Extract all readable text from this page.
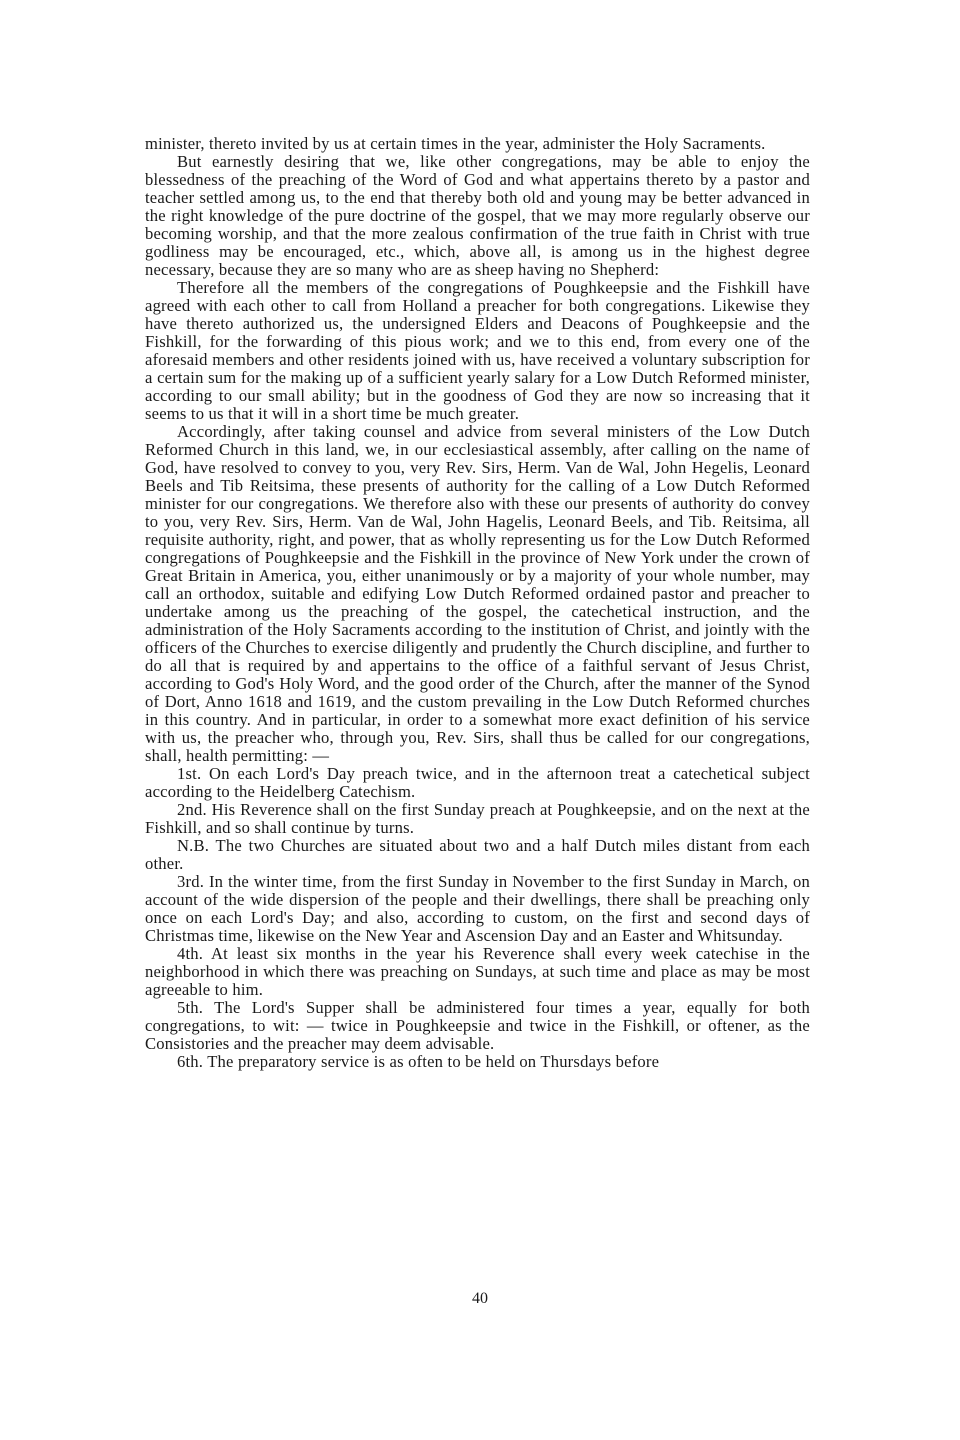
minister, thereto invited by us at certain times in the year, administer the Holy Sacraments.

But earnestly desiring that we, like other congregations, may be able to enjoy the blessedness of the preaching of the Word of God and what appertains thereto by a pastor and teacher settled among us, to the end that thereby both old and young may be better advanced in the right knowledge of the pure doctrine of the gospel, that we may more regularly observe our becoming worship, and that the more zealous confirmation of the true faith in Christ with true godliness may be encouraged, etc., which, above all, is among us in the highest degree necessary, because they are so many who are as sheep having no Shepherd:

Therefore all the members of the congregations of Poughkeepsie and the Fishkill have agreed with each other to call from Holland a preacher for both congregations. Likewise they have thereto authorized us, the undersigned Elders and Deacons of Poughkeepsie and the Fishkill, for the forwarding of this pious work; and we to this end, from every one of the aforesaid members and other residents joined with us, have received a voluntary subscription for a certain sum for the making up of a sufficient yearly salary for a Low Dutch Reformed minister, according to our small ability; but in the goodness of God they are now so increasing that it seems to us that it will in a short time be much greater.

Accordingly, after taking counsel and advice from several ministers of the Low Dutch Reformed Church in this land, we, in our ecclesiastical assembly, after calling on the name of God, have resolved to convey to you, very Rev. Sirs, Herm. Van de Wal, John Hegelis, Leonard Beels and Tib Reitsima, these presents of authority for the calling of a Low Dutch Reformed minister for our congregations. We therefore also with these our presents of authority do convey to you, very Rev. Sirs, Herm. Van de Wal, John Hagelis, Leonard Beels, and Tib. Reitsima, all requisite authority, right, and power, that as wholly representing us for the Low Dutch Reformed congregations of Poughkeepsie and the Fishkill in the province of New York under the crown of Great Britain in America, you, either unanimously or by a majority of your whole number, may call an orthodox, suitable and edifying Low Dutch Reformed ordained pastor and preacher to undertake among us the preaching of the gospel, the catechetical instruction, and the administration of the Holy Sacraments according to the institution of Christ, and jointly with the officers of the Churches to exercise diligently and prudently the Church discipline, and further to do all that is required by and appertains to the office of a faithful servant of Jesus Christ, according to God's Holy Word, and the good order of the Church, after the manner of the Synod of Dort, Anno 1618 and 1619, and the custom prevailing in the Low Dutch Reformed churches in this country. And in particular, in order to a somewhat more exact definition of his service with us, the preacher who, through you, Rev. Sirs, shall thus be called for our congregations, shall, health permitting: —

1st. On each Lord's Day preach twice, and in the afternoon treat a catechetical subject according to the Heidelberg Catechism.

2nd. His Reverence shall on the first Sunday preach at Poughkeepsie, and on the next at the Fishkill, and so shall continue by turns.

N.B. The two Churches are situated about two and a half Dutch miles distant from each other.

3rd. In the winter time, from the first Sunday in November to the first Sunday in March, on account of the wide dispersion of the people and their dwellings, there shall be preaching only once on each Lord's Day; and also, according to custom, on the first and second days of Christmas time, likewise on the New Year and Ascension Day and an Easter and Whitsunday.

4th. At least six months in the year his Reverence shall every week catechise in the neighborhood in which there was preaching on Sundays, at such time and place as may be most agreeable to him.

5th. The Lord's Supper shall be administered four times a year, equally for both congregations, to wit: — twice in Poughkeepsie and twice in the Fishkill, or oftener, as the Consistories and the preacher may deem advisable.

6th. The preparatory service is as often to be held on Thursdays before

40
